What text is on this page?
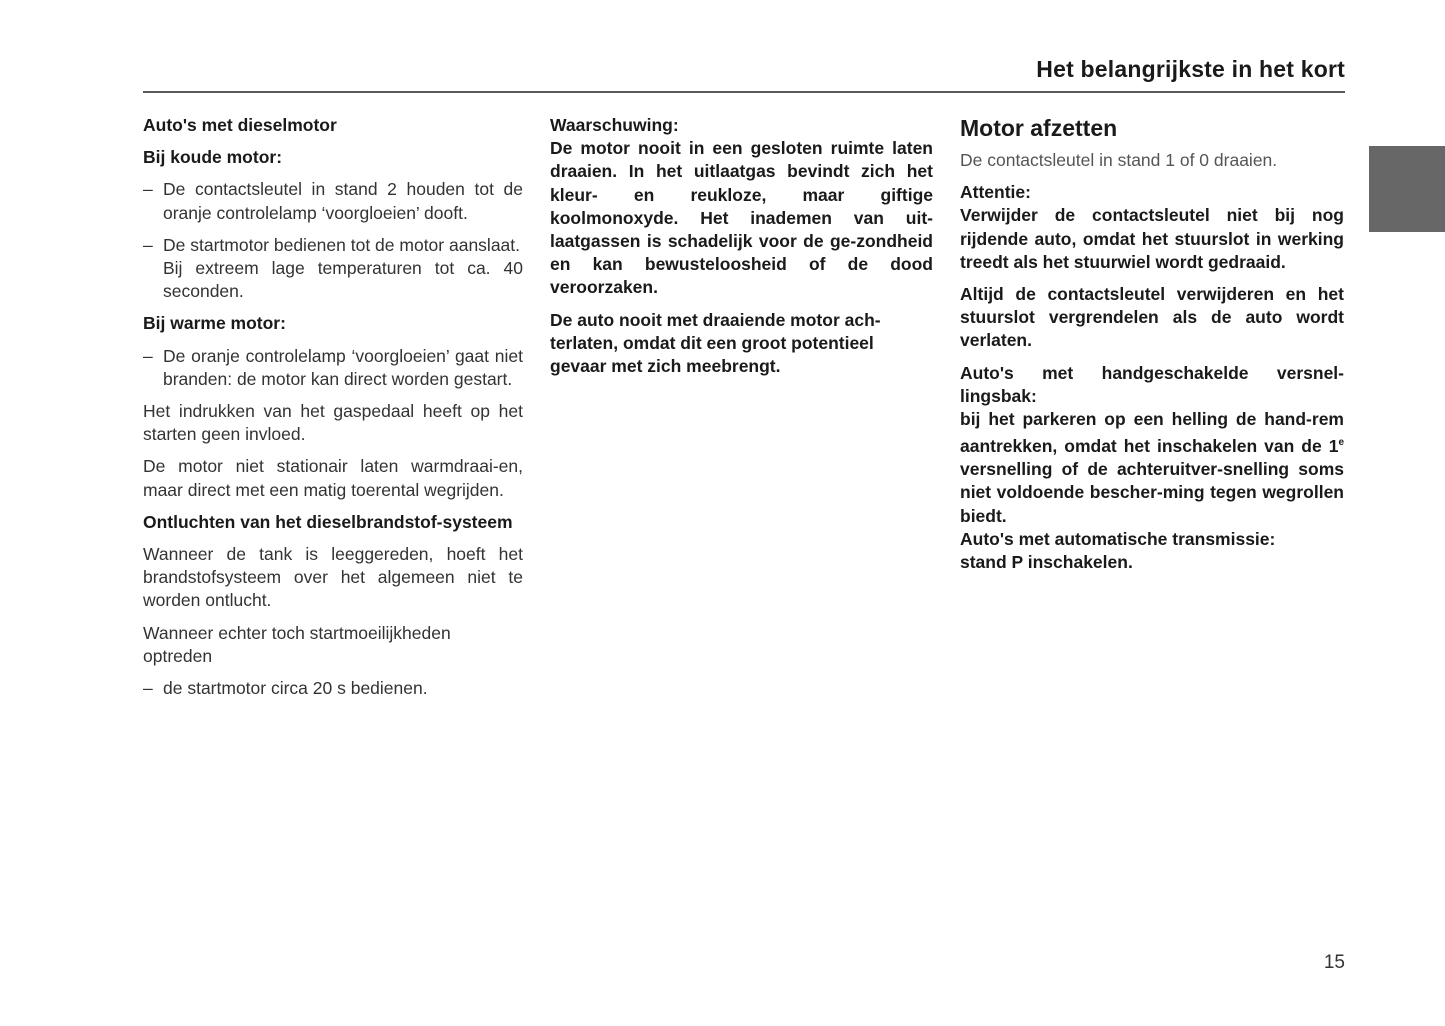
Het belangrijkste in het kort
Auto's met dieselmotor
Bij koude motor:
– De contactsleutel in stand 2 houden tot de oranje controlelamp ‘voorgloeien’ dooft.
– De startmotor bedienen tot de motor aanslaat.
Bij extreem lage temperaturen tot ca. 40 seconden.
Bij warme motor:
– De oranje controlelamp ‘voorgloeien’ gaat niet branden: de motor kan direct worden gestart.
Het indrukken van het gaspedaal heeft op het starten geen invloed.
De motor niet stationair laten warmdraai-en, maar direct met een matig toerental wegrijden.
Ontluchten van het dieselbrandstof-systeem
Wanneer de tank is leeggereden, hoeft het brandstofsysteem over het algemeen niet te worden ontlucht.
Wanneer echter toch startmoeilijkheden optreden
– de startmotor circa 20 s bedienen.
Waarschuwing:
De motor nooit in een gesloten ruimte laten draaien. In het uitlaatgas bevindt zich het kleur- en reukloze, maar giftige koolmonoxyde. Het inademen van uit-laatgassen is schadelijk voor de ge-zondheid en kan bewusteloosheid of de dood veroorzaken.
De auto nooit met draaiende motor ach-terlaten, omdat dit een groot potentieel gevaar met zich meebrengt.
Motor afzetten
De contactsleutel in stand 1 of 0 draaien.
Attentie:
Verwijder de contactsleutel niet bij nog rijdende auto, omdat het stuurslot in werking treedt als het stuurwiel wordt gedraaid.
Altijd de contactsleutel verwijderen en het stuurslot vergrendelen als de auto wordt verlaten.
Auto's met handgeschakelde versnel-lingsbak:
bij het parkeren op een helling de hand-rem aantrekken, omdat het inschakelen van de 1e versnelling of de achteruitver-snelling soms niet voldoende bescher-ming tegen wegrollen biedt.
Auto's met automatische transmissie:
stand P inschakelen.
15
